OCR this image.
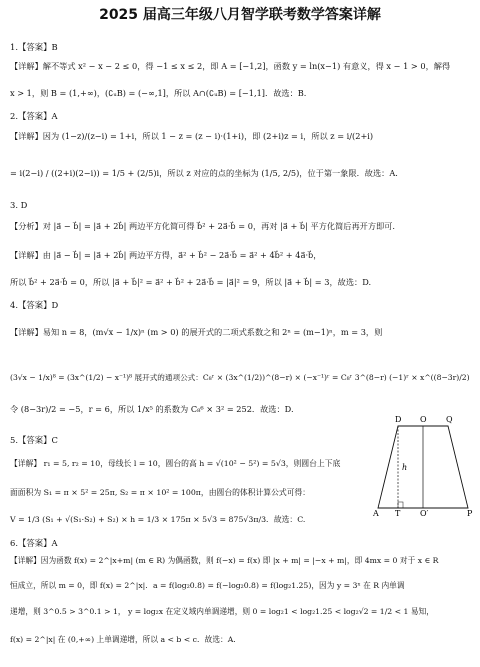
2025 届高三年级八月智学联考数学答案详解
1.【答案】B
【详解】解不等式 x² − x − 2 ≤ 0，得 −1 ≤ x ≤ 2，即 A = [−1,2]，函数 y = ln(x−1) 有意义，得 x − 1 > 0，解得
x > 1，则 B = (1,+∞)，(∁ᵤB) = (−∞,1]，所以 A∩(∁ᵤB) = [−1,1]．故选：B.
2.【答案】A
【详解】因为 (1−z)/(z−i) = 1+i，所以 1 − z = (z − i)·(1+i)，即 (2+i)z = i，所以 z = i/(2+i)
= i(2−i) / ((2+i)(2−i)) = 1/5 + (2/5)i，所以 z 对应的点的坐标为 (1/5, 2/5)，位于第一象限．故选：A.
3. D
【分析】对 |a⃗ − b⃗| = |a⃗ + 2b⃗| 两边平方化简可得 b⃗² + 2a⃗·b⃗ = 0，再对 |a⃗ + b⃗| 平方化简后再开方即可.
【详解】由 |a⃗ − b⃗| = |a⃗ + 2b⃗| 两边平方得，a⃗² + b⃗² − 2a⃗·b⃗ = a⃗² + 4b⃗² + 4a⃗·b⃗，
所以 b⃗² + 2a⃗·b⃗ = 0，所以 |a⃗ + b⃗|² = a⃗² + b⃗² + 2a⃗·b⃗ = |a⃗|² = 9，所以 |a⃗ + b⃗| = 3，故选：D.
4.【答案】D
【详解】易知 n = 8，(m√x − 1/x)ⁿ (m > 0) 的展开式的二项式系数之和 2ⁿ = (m−1)ⁿ，m = 3，则
(3√x − 1/x)⁸ = (3x^(1/2) − x⁻¹)⁸ 展开式的通项公式：C₈ʳ × (3x^(1/2))^(8−r) × (−x⁻¹)ʳ = C₈ʳ 3^(8−r) (−1)ʳ × x^((8−3r)/2)
令 (8−3r)/2 = −5，r = 6，所以 1/x⁵ 的系数为 C₈⁶ × 3² = 252．故选：D.
5.【答案】C
【详解】 r₁ = 5, r₂ = 10，母线长 l = 10，圆台的高 h = √(10² − 5²) = 5√3，则圆台上下底
面面积为 S₁ = π × 5² = 25π, S₂ = π × 10² = 100π，由圆台的体积计算公式可得：
V = 1/3 (S₁ + √(S₁·S₂) + S₂) × h = 1/3 × 175π × 5√3 = 875√3π/3．故选：C.
D O Q
h
A T O′	P
6.【答案】A
【详解】因为函数 f(x) = 2^|x+m| (m ∈ R) 为偶函数，则 f(−x) = f(x) 即 |x + m| = |−x + m|，即 4mx = 0 对于 x ∈ R
恒成立，所以 m = 0，即 f(x) = 2^|x|．a = f(log₂0.8) = f(−log₂0.8) = f(log₂1.25)，因为 y = 3ˣ 在 R 内单调
递增，则 3^0.5 > 3^0.1 > 1， y = log₂x 在定义域内单调递增，则 0 = log₂1 < log₂1.25 < log₂√2 = 1/2 < 1 易知，
f(x) = 2^|x| 在 (0,+∞) 上单调递增，所以 a < b < c．故选：A.
